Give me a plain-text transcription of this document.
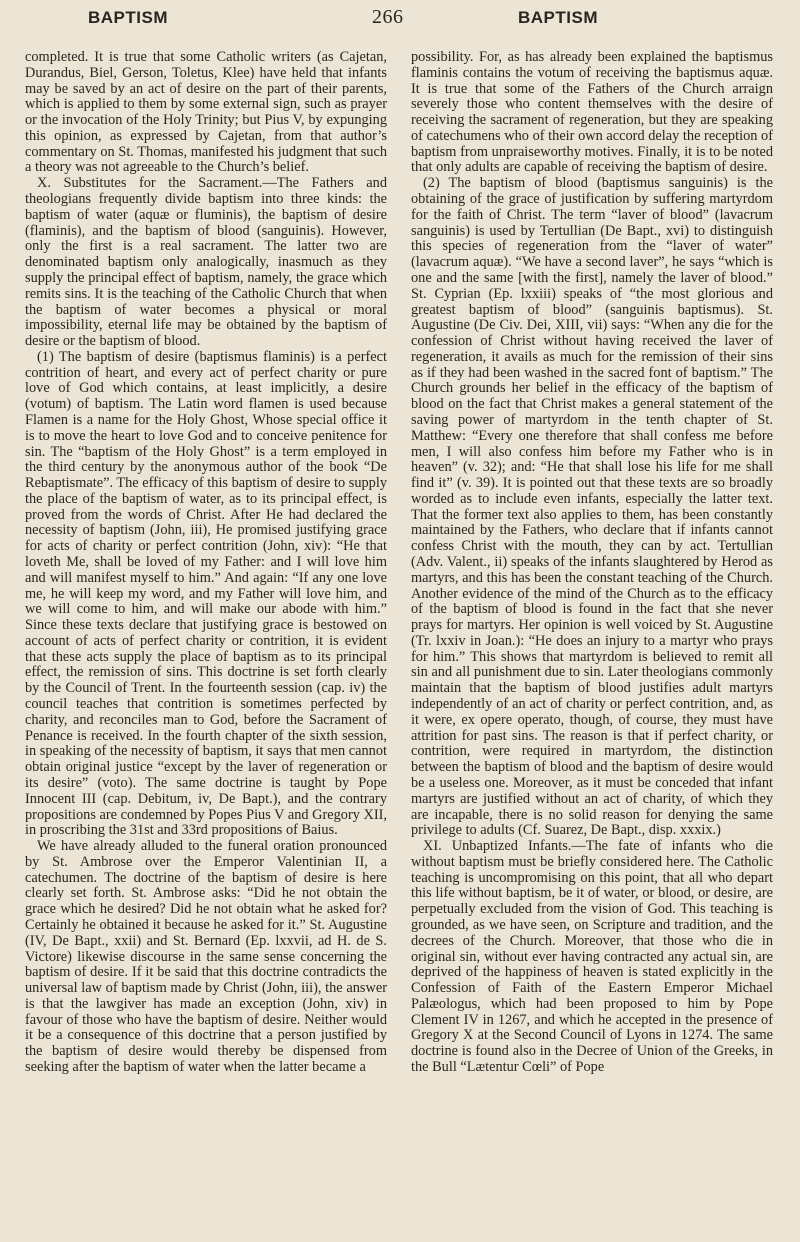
BAPTISM	266	BAPTISM

completed. It is true that some Catholic writers (as Cajetan, Durandus, Biel, Gerson, Toletus, Klee) have held that infants may be saved by an act of desire on the part of their parents, which is applied to them by some external sign, such as prayer or the invocation of the Holy Trinity; but Pius V, by expunging this opinion, as expressed by Cajetan, from that author’s commentary on St. Thomas, manifested his judgment that such a theory was not agreeable to the Church’s belief.

X. Substitutes for the Sacrament.—The Fathers and theologians frequently divide baptism into three kinds: the baptism of water (aquæ or fluminis), the baptism of desire (flaminis), and the baptism of blood (sanguinis). However, only the first is a real sacrament. The latter two are denominated baptism only analogically, inasmuch as they supply the principal effect of baptism, namely, the grace which remits sins. It is the teaching of the Catholic Church that when the baptism of water becomes a physical or moral impossibility, eternal life may be obtained by the baptism of desire or the baptism of blood.

(1) The baptism of desire (baptismus flaminis) is a perfect contrition of heart, and every act of perfect charity or pure love of God which contains, at least implicitly, a desire (votum) of baptism. The Latin word flamen is used because Flamen is a name for the Holy Ghost, Whose special office it is to move the heart to love God and to conceive penitence for sin. The “baptism of the Holy Ghost” is a term employed in the third century by the anonymous author of the book “De Rebaptismate”. The efficacy of this baptism of desire to supply the place of the baptism of water, as to its principal effect, is proved from the words of Christ. After He had declared the necessity of baptism (John, iii), He promised justifying grace for acts of charity or perfect contrition (John, xiv): “He that loveth Me, shall be loved of my Father: and I will love him and will manifest myself to him.” And again: “If any one love me, he will keep my word, and my Father will love him, and we will come to him, and will make our abode with him.” Since these texts declare that justifying grace is bestowed on account of acts of perfect charity or contrition, it is evident that these acts supply the place of baptism as to its principal effect, the remission of sins. This doctrine is set forth clearly by the Council of Trent. In the fourteenth session (cap. iv) the council teaches that contrition is sometimes perfected by charity, and reconciles man to God, before the Sacrament of Penance is received. In the fourth chapter of the sixth session, in speaking of the necessity of baptism, it says that men cannot obtain original justice “except by the laver of regeneration or its desire” (voto). The same doctrine is taught by Pope Innocent III (cap. Debitum, iv, De Bapt.), and the contrary propositions are condemned by Popes Pius V and Gregory XII, in proscribing the 31st and 33rd propositions of Baius.

We have already alluded to the funeral oration pronounced by St. Ambrose over the Emperor Valentinian II, a catechumen. The doctrine of the baptism of desire is here clearly set forth. St. Ambrose asks: “Did he not obtain the grace which he desired? Did he not obtain what he asked for? Certainly he obtained it because he asked for it.” St. Augustine (IV, De Bapt., xxii) and St. Bernard (Ep. lxxvii, ad H. de S. Victore) likewise discourse in the same sense concerning the baptism of desire. If it be said that this doctrine contradicts the universal law of baptism made by Christ (John, iii), the answer is that the lawgiver has made an exception (John, xiv) in favour of those who have the baptism of desire. Neither would it be a consequence of this doctrine that a person justified by the baptism of desire would thereby be dispensed from seeking after the baptism of water when the latter became a

possibility. For, as has already been explained the baptismus flaminis contains the votum of receiving the baptismus aquæ. It is true that some of the Fathers of the Church arraign severely those who content themselves with the desire of receiving the sacrament of regeneration, but they are speaking of catechumens who of their own accord delay the reception of baptism from unpraiseworthy motives. Finally, it is to be noted that only adults are capable of receiving the baptism of desire.

(2) The baptism of blood (baptismus sanguinis) is the obtaining of the grace of justification by suffering martyrdom for the faith of Christ. The term “laver of blood” (lavacrum sanguinis) is used by Tertullian (De Bapt., xvi) to distinguish this species of regeneration from the “laver of water” (lavacrum aquæ). “We have a second laver”, he says “which is one and the same [with the first], namely the laver of blood.” St. Cyprian (Ep. lxxiii) speaks of “the most glorious and greatest baptism of blood” (sanguinis baptismus). St. Augustine (De Civ. Dei, XIII, vii) says: “When any die for the confession of Christ without having received the laver of regeneration, it avails as much for the remission of their sins as if they had been washed in the sacred font of baptism.” The Church grounds her belief in the efficacy of the baptism of blood on the fact that Christ makes a general statement of the saving power of martyrdom in the tenth chapter of St. Matthew: “Every one therefore that shall confess me before men, I will also confess him before my Father who is in heaven” (v. 32); and: “He that shall lose his life for me shall find it” (v. 39). It is pointed out that these texts are so broadly worded as to include even infants, especially the latter text. That the former text also applies to them, has been constantly maintained by the Fathers, who declare that if infants cannot confess Christ with the mouth, they can by act. Tertullian (Adv. Valent., ii) speaks of the infants slaughtered by Herod as martyrs, and this has been the constant teaching of the Church. Another evidence of the mind of the Church as to the efficacy of the baptism of blood is found in the fact that she never prays for martyrs. Her opinion is well voiced by St. Augustine (Tr. lxxiv in Joan.): “He does an injury to a martyr who prays for him.” This shows that martyrdom is believed to remit all sin and all punishment due to sin. Later theologians commonly maintain that the baptism of blood justifies adult martyrs independently of an act of charity or perfect contrition, and, as it were, ex opere operato, though, of course, they must have attrition for past sins. The reason is that if perfect charity, or contrition, were required in martyrdom, the distinction between the baptism of blood and the baptism of desire would be a useless one. Moreover, as it must be conceded that infant martyrs are justified without an act of charity, of which they are incapable, there is no solid reason for denying the same privilege to adults (Cf. Suarez, De Bapt., disp. xxxix.)

XI. Unbaptized Infants.—The fate of infants who die without baptism must be briefly considered here. The Catholic teaching is uncompromising on this point, that all who depart this life without baptism, be it of water, or blood, or desire, are perpetually excluded from the vision of God. This teaching is grounded, as we have seen, on Scripture and tradition, and the decrees of the Church. Moreover, that those who die in original sin, without ever having contracted any actual sin, are deprived of the happiness of heaven is stated explicitly in the Confession of Faith of the Eastern Emperor Michael Palæologus, which had been proposed to him by Pope Clement IV in 1267, and which he accepted in the presence of Gregory X at the Second Council of Lyons in 1274. The same doctrine is found also in the Decree of Union of the Greeks, in the Bull “Lætentur Cœli” of Pope
